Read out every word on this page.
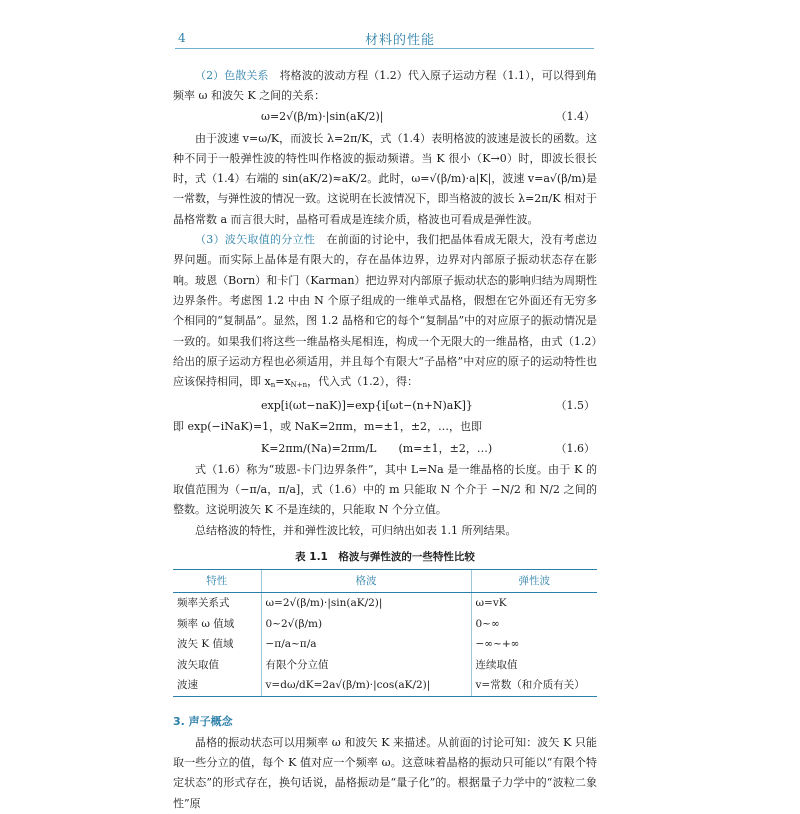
4	材料的性能

（2）色散关系　 将格波的波动方程（1.2）代入原子运动方程（1.1），可以得到角频率 ω 和波矢 K 之间的关系：

ω=2√(β/m)·|sin(aK/2)|	（1.4）

由于波速 v=ω/K，而波长 λ=2π/K，式（1.4）表明格波的波速是波长的函数。这种不同于一般弹性波的特性叫作格波的振动频谱。当 K 很小（K→0）时，即波长很长时，式（1.4）右端的 sin(aK/2)≈aK/2。此时，ω=√(β/m)·a|K|，波速 v=a√(β/m)是一常数，与弹性波的情况一致。这说明在长波情况下，即当格波的波长 λ=2π/K 相对于晶格常数 a 而言很大时，晶格可看成是连续介质，格波也可看成是弹性波。

（3）波矢取值的分立性　 在前面的讨论中，我们把晶体看成无限大，没有考虑边界问题。而实际上晶体是有限大的，存在晶体边界，边界对内部原子振动状态存在影响。玻恩（Born）和卡门（Karman）把边界对内部原子振动状态的影响归结为周期性边界条件。考虑图 1.2 中由 N 个原子组成的一维单式晶格，假想在它外面还有无穷多个相同的“复制晶”。显然，图 1.2 晶格和它的每个“复制晶”中的对应原子的振动情况是一致的。如果我们将这些一维晶格头尾相连，构成一个无限大的一维晶格，由式（1.2）给出的原子运动方程也必须适用，并且每个有限大“子晶格”中对应的原子的运动特性也应该保持相同，即 $x_n=x_{N+n}$，代入式（1.2），得：

exp[i(ωt−naK)]=exp{i[ωt−(n+N)aK]}	（1.5）

即 exp(−iNaK)=1，或 NaK=2πm，m=±1，±2，…，也即

K=2πm/(Na)=2πm/L　　(m=±1，±2，…)	（1.6）

式（1.6）称为“玻恩-卡门边界条件”，其中 L=Na 是一维晶格的长度。由于 K 的取值范围为（−π/a，π/a]，式（1.6）中的 m 只能取 N 个介于 −N/2 和 N/2 之间的整数。这说明波矢 K 不是连续的，只能取 N 个分立值。

总结格波的特性，并和弹性波比较，可归纳出如表 1.1 所列结果。

表 1.1　格波与弹性波的一些特性比较
特性	格波	弹性波
频率关系式	ω=2√(β/m)·|sin(aK/2)|	ω=vK
频率 ω 值域	0~2√(β/m)	0~∞
波矢 K 值域	−π/a~π/a	−∞~+∞
波矢取值	有限个分立值	连续取值
波速	v=dω/dK=2a√(β/m)·|cos(aK/2)|	v=常数（和介质有关）
3. 声子概念

晶格的振动状态可以用频率 ω 和波矢 K 来描述。从前面的讨论可知：波矢 K 只能取一些分立的值，每个 K 值对应一个频率 ω。这意味着晶格的振动只可能以“有限个特定状态”的形式存在，换句话说，晶格振动是“量子化”的。根据量子力学中的“波粒二象性”原
